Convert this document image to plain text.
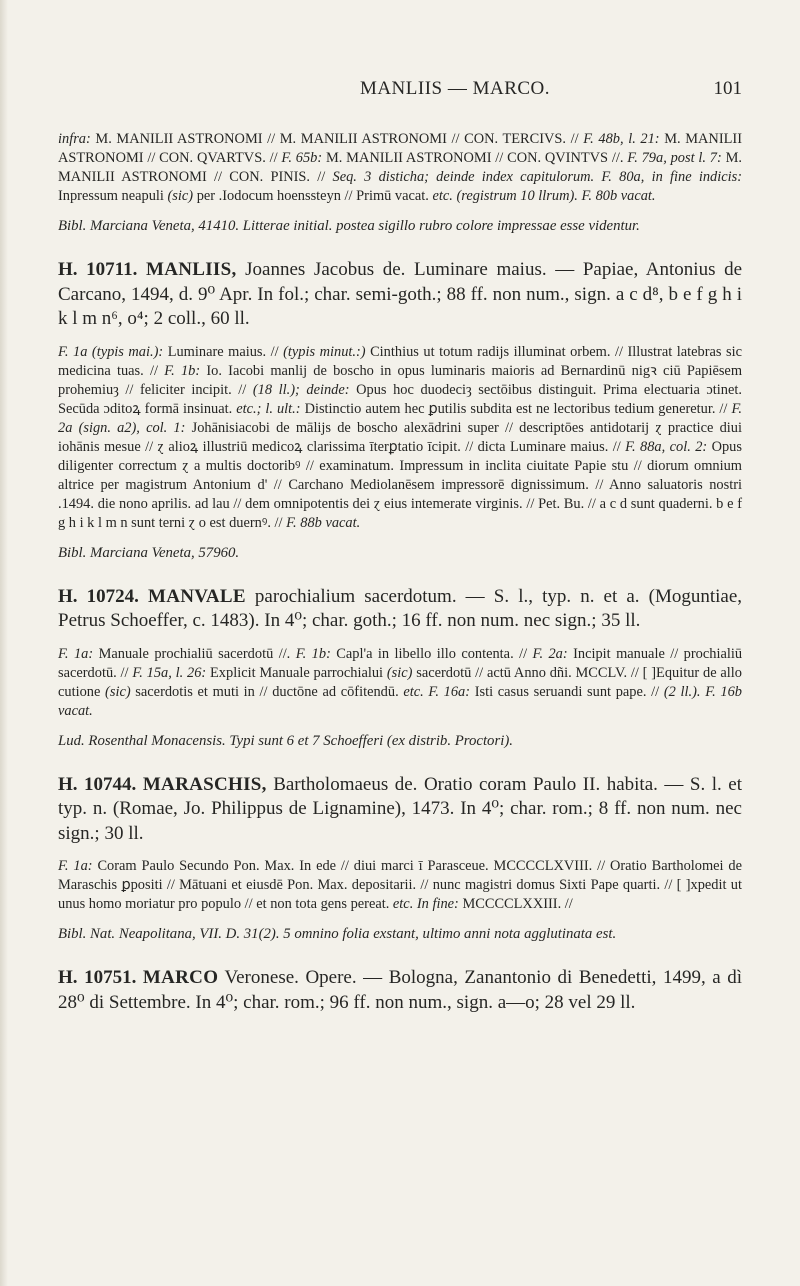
MANLIIS — MARCO.	101

infra: M. MANILII ASTRONOMI // M. MANILII ASTRONOMI // CON. TERCIVS. // F. 48b, l. 21: M. MANILII ASTRONOMI // CON. QVARTVS. // F. 65b: M. MANILII ASTRONOMI // CON. QVINTVS //. F. 79a, post l. 7: M. MANILII ASTRONOMI // CON. PINIS. // Seq. 3 disticha; deinde index capitulorum. F. 80a, in fine indicis: Inpressum neapuli (sic) per .Iodocum hoenssteyn // Primū vacat. etc. (registrum 10 llrum). F. 80b vacat.

Bibl. Marciana Veneta, 41410. Litterae initial. postea sigillo rubro colore impressae esse videntur.

H. 10711. MANLIIS, Joannes Jacobus de. Luminare maius. — Papiae, Antonius de Carcano, 1494, d. 9⁰ Apr. In fol.; char. semi-goth.; 88 ff. non num., sign. a c d⁸, b e f g h i k l m n⁶, o⁴; 2 coll., 60 ll.

F. 1a (typis mai.): Luminare maius. // (typis minut.:) Cinthius ut totum radijs illuminat orbem. // Illustrat latebras sic medicina tuas. // F. 1b: Io. Iacobi manlij de boscho in opus luminaris maioris ad Bernardinū nigꝛ ciū Papiēsem prohemiuȝ // feliciter incipit. // (18 ll.); deinde: Opus hoc duodeciȝ sectōibus distinguit. Prima electuaria ɔtinet. Secūda ɔditoꝝ formā insinuat. etc.; l. ult.: Distinctio autem hec ꝑutilis subdita est ne lectoribus tedium generetur. // F. 2a (sign. a2), col. 1: Johānisiacobi de mālijs de boscho alexādrini super // descriptōes antidotarij ɀ practice diui iohānis mesue // ɀ alioꝝ illustriū medicoꝝ clarissima īterꝑtatio īcipit. // dicta Luminare maius. // F. 88a, col. 2: Opus diligenter correctum ɀ a multis doctoribꝰ // examinatum. Impressum in inclita ciuitate Papie stu // diorum omnium altrice per magistrum Antonium d' // Carchano Mediolanēsem impressorē dignissimum. // Anno saluatoris nostri .1494. die nono aprilis. ad lau // dem omnipotentis dei ɀ eius intemerate virginis. // Pet. Bu. // a c d sunt quaderni. b e f g h i k l m n sunt terni ɀ o est duernꝰ. // F. 88b vacat.

Bibl. Marciana Veneta, 57960.

H. 10724. MANVALE parochialium sacerdotum. — S. l., typ. n. et a. (Moguntiae, Petrus Schoeffer, c. 1483). In 4⁰; char. goth.; 16 ff. non num. nec sign.; 35 ll.

F. 1a: Manuale prochialiū sacerdotū //. F. 1b: Capl'a in libello illo contenta. // F. 2a: Incipit manuale // prochialiū sacerdotū. // F. 15a, l. 26: Explicit Manuale parrochialui (sic) sacerdotū // actū Anno dñi. MCCLV. // [ ]Equitur de allo cutione (sic) sacerdotis et muti in // ductōne ad cōfitendū. etc. F. 16a: Isti casus seruandi sunt pape. // (2 ll.). F. 16b vacat.

Lud. Rosenthal Monacensis. Typi sunt 6 et 7 Schoefferi (ex distrib. Proctori).

H. 10744. MARASCHIS, Bartholomaeus de. Oratio coram Paulo II. habita. — S. l. et typ. n. (Romae, Jo. Philippus de Lignamine), 1473. In 4⁰; char. rom.; 8 ff. non num. nec sign.; 30 ll.

F. 1a: Coram Paulo Secundo Pon. Max. In ede // diui marci ī Parasceue. MCCCCLXVIII. // Oratio Bartholomei de Maraschis ꝑpositi // Mātuani et eiusdē Pon. Max. depositarii. // nunc magistri domus Sixti Pape quarti. // [ ]xpedit ut unus homo moriatur pro populo // et non tota gens pereat. etc. In fine: MCCCCLXXIII. //

Bibl. Nat. Neapolitana, VII. D. 31(2). 5 omnino folia exstant, ultimo anni nota agglutinata est.

H. 10751. MARCO Veronese. Opere. — Bologna, Zanantonio di Benedetti, 1499, a dì 28⁰ di Settembre. In 4⁰; char. rom.; 96 ff. non num., sign. a—o; 28 vel 29 ll.
